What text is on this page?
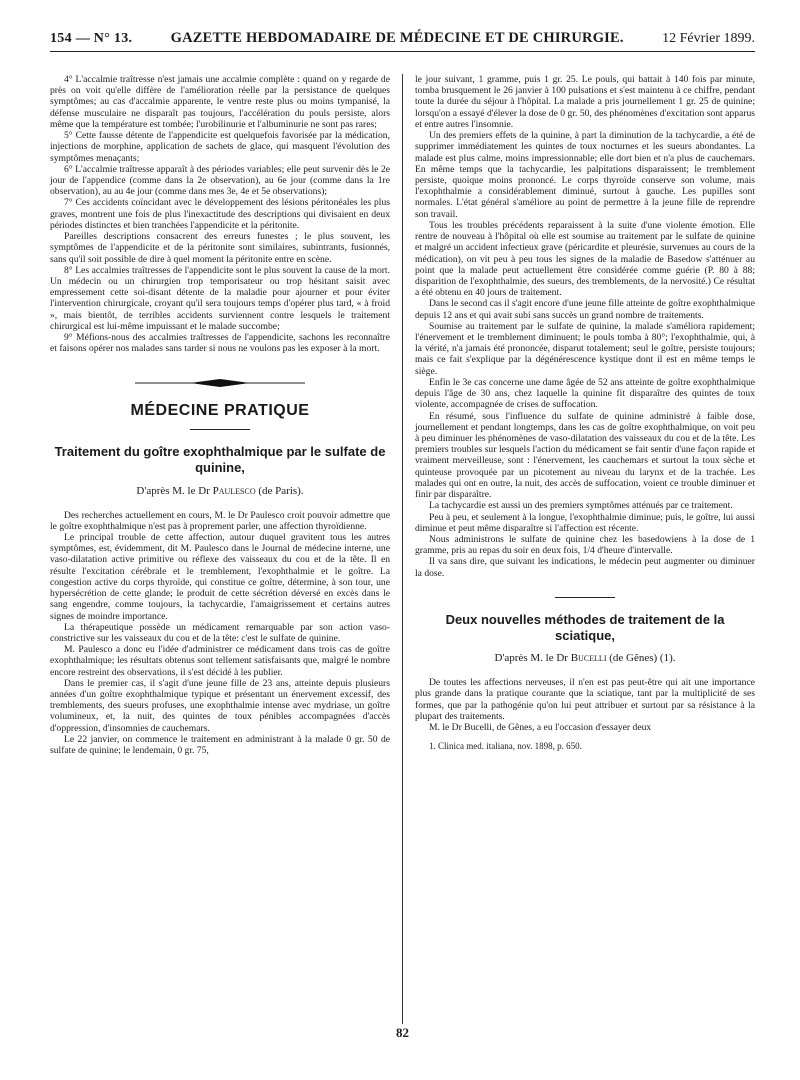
154 — N° 13.	GAZETTE HEBDOMADAIRE DE MÉDECINE ET DE CHIRURGIE.	12 Février 1899.

4° L'accalmie traîtresse n'est jamais une accalmie complète : quand on y regarde de près on voit qu'elle diffère de l'amélioration réelle par la persistance de quelques symptômes; au cas d'accalmie apparente, le ventre reste plus ou moins tympanisé, la défense musculaire ne disparaît pas toujours, l'accélération du pouls persiste, alors même que la température est tombée; l'urobilinurie et l'albuminurie ne sont pas rares;

5° Cette fausse détente de l'appendicite est quelquefois favorisée par la médication, injections de morphine, application de sachets de glace, qui masquent l'évolution des symptômes menaçants;

6° L'accalmie traîtresse apparaît à des périodes variables; elle peut survenir dès le 2e jour de l'appendice (comme dans la 2e observation), au 6e jour (comme dans la 1re observation), au au 4e jour (comme dans mes 3e, 4e et 5e observations);

7° Ces accidents coïncidant avec le développement des lésions péritonéales les plus graves, montrent une fois de plus l'inexactitude des descriptions qui divisaient en deux périodes distinctes et bien tranchées l'appendicite et la péritonite.

Pareilles descriptions consacrent des erreurs funestes ; le plus souvent, les symptômes de l'appendicite et de la péritonite sont similaires, subintrants, fusionnés, sans qu'il soit possible de dire à quel moment la péritonite entre en scène.

8° Les accalmies traîtresses de l'appendicite sont le plus souvent la cause de la mort. Un médecin ou un chirurgien trop temporisateur ou trop hésitant saisit avec empressement cette soi-disant détente de la maladie pour ajourner et pour éviter l'intervention chirurgicale, croyant qu'il sera toujours temps d'opérer plus tard, « à froid », mais bientôt, de terribles accidents surviennent contre lesquels le traitement chirurgical est lui-même impuissant et le malade succombe;

9° Méfions-nous des accalmies traîtresses de l'appendicite, sachons les reconnaître et faisons opérer nos malades sans tarder si nous ne voulons pas les exposer à la mort.

MÉDECINE PRATIQUE
Traitement du goître exophthalmique par le sulfate de quinine,
D'après M. le Dr Paulesco (de Paris).

Des recherches actuellement en cours, M. le Dr Paulesco croit pouvoir admettre que le goître exophthalmique n'est pas à proprement parler, une affection thyroïdienne.

Le principal trouble de cette affection, autour duquel gravitent tous les autres symptômes, est, évidemment, dit M. Paulesco dans le Journal de médecine interne, une vaso-dilatation active primitive ou réflexe des vaisseaux du cou et de la tête. Il en résulte l'excitation cérébrale et le tremblement, l'exophthalmie et le goître. La congestion active du corps thyroïde, qui constitue ce goître, détermine, à son tour, une hypersécrétion de cette glande; le produit de cette sécrétion déversé en excès dans le sang engendre, comme toujours, la tachycardie, l'amaigrissement et certains autres signes de moindre importance.

La thérapeutique possède un médicament remarquable par son action vaso-constrictive sur les vaisseaux du cou et de la tête: c'est le sulfate de quinine.

M. Paulesco a donc eu l'idée d'administrer ce médicament dans trois cas de goître exophthalmique; les résultats obtenus sont tellement satisfaisants que, malgré le nombre encore restreint des observations, il s'est décidé à les publier.

Dans le premier cas, il s'agit d'une jeune fille de 23 ans, atteinte depuis plusieurs années d'un goître exophthalmique typique et présentant un énervement excessif, des tremblements, des sueurs profuses, une exophthalmie intense avec mydriase, un goître volumineux, et, la nuit, des quintes de toux pénibles accompagnées d'accès d'oppression, d'insomnies de cauchemars.

Le 22 janvier, on commence le traitement en administrant à la malade 0 gr. 50 de sulfate de quinine; le lendemain, 0 gr. 75,

le jour suivant, 1 gramme, puis 1 gr. 25. Le pouls, qui battait à 140 fois par minute, tomba brusquement le 26 janvier à 100 pulsations et s'est maintenu à ce chiffre, pendant toute la durée du séjour à l'hôpital. La malade a pris journellement 1 gr. 25 de quinine; lorsqu'on a essayé d'élever la dose de 0 gr. 50, des phénomènes d'excitation sont apparus et entre autres l'insomnie.

Un des premiers effets de la quinine, à part la diminution de la tachycardie, a été de supprimer immédiatement les quintes de toux nocturnes et les sueurs abondantes. La malade est plus calme, moins impressionnable; elle dort bien et n'a plus de cauchemars. En même temps que la tachycardie, les palpitations disparaissent; le tremblement persiste, quoique moins prononcé. Le corps thyroïde conserve son volume, mais l'exophthalmie a considérablement diminué, surtout à gauche. Les pupilles sont normales. L'état général s'améliore au point de permettre à la jeune fille de reprendre son travail.

Tous les troubles précédents reparaissent à la suite d'une violente émotion. Elle rentre de nouveau à l'hôpital où elle est soumise au traitement par le sulfate de quinine et malgré un accident infectieux grave (péricardite et pleurésie, survenues au cours de la médication), on vit peu à peu tous les signes de la maladie de Basedow s'atténuer au point que la malade peut actuellement être considérée comme guérie (P. 80 à 88; disparition de l'exophthalmie, des sueurs, des tremblements, de la nervosité.) Ce résultat a été obtenu en 40 jours de traitement.

Dans le second cas il s'agit encore d'une jeune fille atteinte de goître exophthalmique depuis 12 ans et qui avait subi sans succès un grand nombre de traitements.

Soumise au traitement par le sulfate de quinine, la malade s'améliora rapidement; l'énervement et le tremblement diminuent; le pouls tomba à 80°; l'exophthalmie, qui, à la vérité, n'a jamais été prononcée, disparut totalement; seul le goître, persiste toujours; mais ce fait s'explique par la dégénérescence kystique dont il est en même temps le siège.

Enfin le 3e cas concerne une dame âgée de 52 ans atteinte de goître exophthalmique depuis l'âge de 30 ans, chez laquelle la quinine fit disparaître des quintes de toux violente, accompagnée de crises de suffocation.

En résumé, sous l'influence du sulfate de quinine administré à faible dose, journellement et pendant longtemps, dans les cas de goître exophthalmique, on voit peu à peu diminuer les phénomènes de vaso-dilatation des vaisseaux du cou et de la tête. Les premiers troubles sur lesquels l'action du médicament se fait sentir d'une façon rapide et vraiment merveilleuse, sont : l'énervement, les cauchemars et surtout la toux sèche et quinteuse provoquée par un picotement au niveau du larynx et de la trachée. Les malades qui ont en outre, la nuit, des accès de suffocation, voient ce trouble diminuer et finir par disparaître.

La tachycardie est aussi un des premiers symptômes atténués par ce traitement.

Peu à peu, et seulement à la longue, l'exophthalmie diminue; puis, le goître, lui aussi diminue et peut même disparaître si l'affection est récente.

Nous administrons le sulfate de quinine chez les basedowiens à la dose de 1 gramme, pris au repas du soir en deux fois, 1/4 d'heure d'intervalle.

Il va sans dire, que suivant les indications, le médecin peut augmenter ou diminuer la dose.

Deux nouvelles méthodes de traitement de la sciatique,
D'après M. le Dr Bucelli (de Gênes) (1).

De toutes les affections nerveuses, il n'en est pas peut-être qui ait une importance plus grande dans la pratique courante que la sciatique, tant par la multiplicité de ses formes, que par la pathogénie qu'on lui peut attribuer et surtout par sa résistance à la plupart des traitements.

M. le Dr Bucelli, de Gênes, a eu l'occasion d'essayer deux

1. Clinica med. italiana, nov. 1898, p. 650.

82
